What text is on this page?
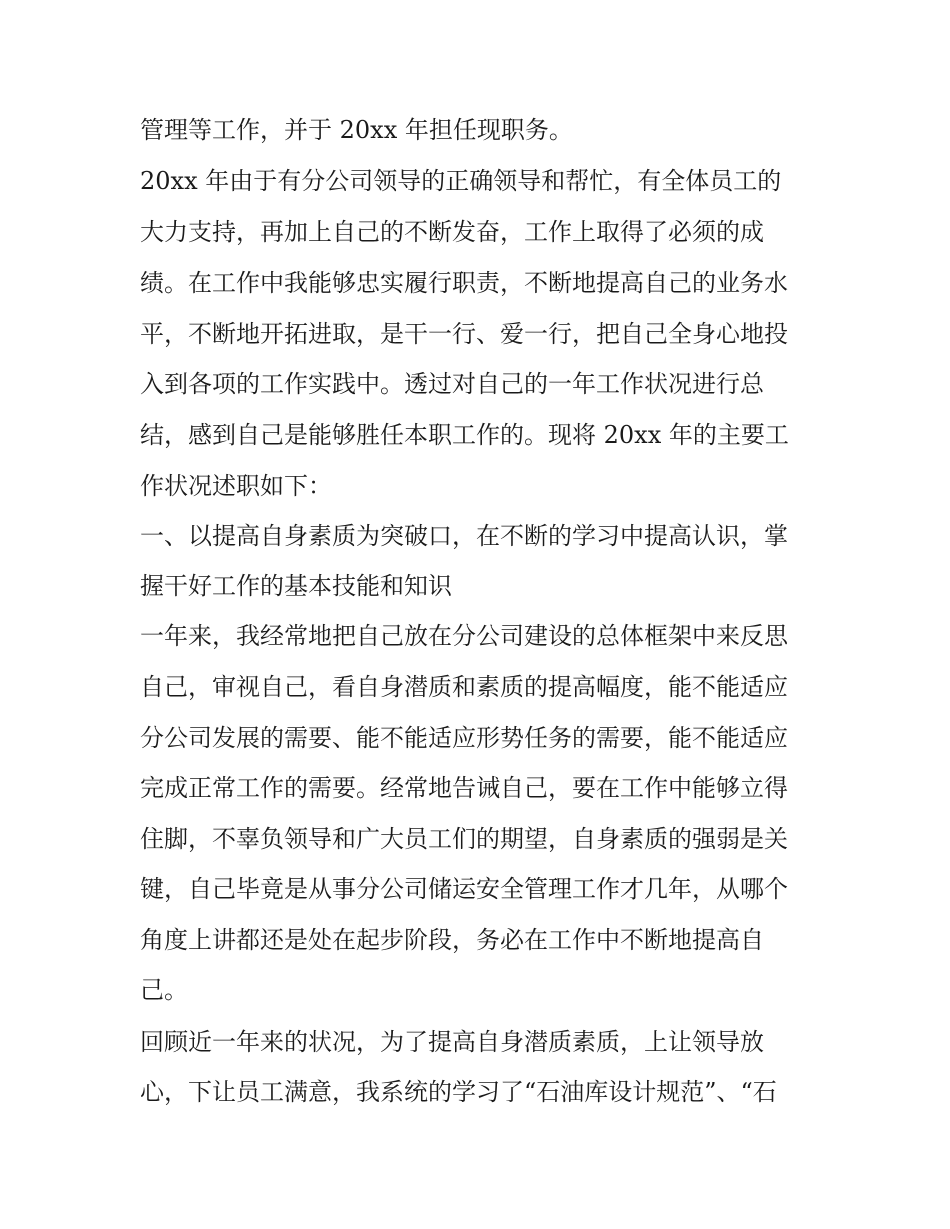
管理等工作，并于 20xx 年担任现职务。
20xx 年由于有分公司领导的正确领导和帮忙，有全体员工的
大力支持，再加上自己的不断发奋，工作上取得了必须的成
绩。在工作中我能够忠实履行职责，不断地提高自己的业务水
平，不断地开拓进取，是干一行、爱一行，把自己全身心地投
入到各项的工作实践中。透过对自己的一年工作状况进行总
结，感到自己是能够胜任本职工作的。现将 20xx 年的主要工
作状况述职如下：
一、以提高自身素质为突破口，在不断的学习中提高认识，掌
握干好工作的基本技能和知识
一年来，我经常地把自己放在分公司建设的总体框架中来反思
自己，审视自己，看自身潜质和素质的提高幅度，能不能适应
分公司发展的需要、能不能适应形势任务的需要，能不能适应
完成正常工作的需要。经常地告诫自己，要在工作中能够立得
住脚，不辜负领导和广大员工们的期望，自身素质的强弱是关
键，自己毕竟是从事分公司储运安全管理工作才几年，从哪个
角度上讲都还是处在起步阶段，务必在工作中不断地提高自
己。
回顾近一年来的状况，为了提高自身潜质素质，上让领导放
心，下让员工满意，我系统的学习了“石油库设计规范”、“石
